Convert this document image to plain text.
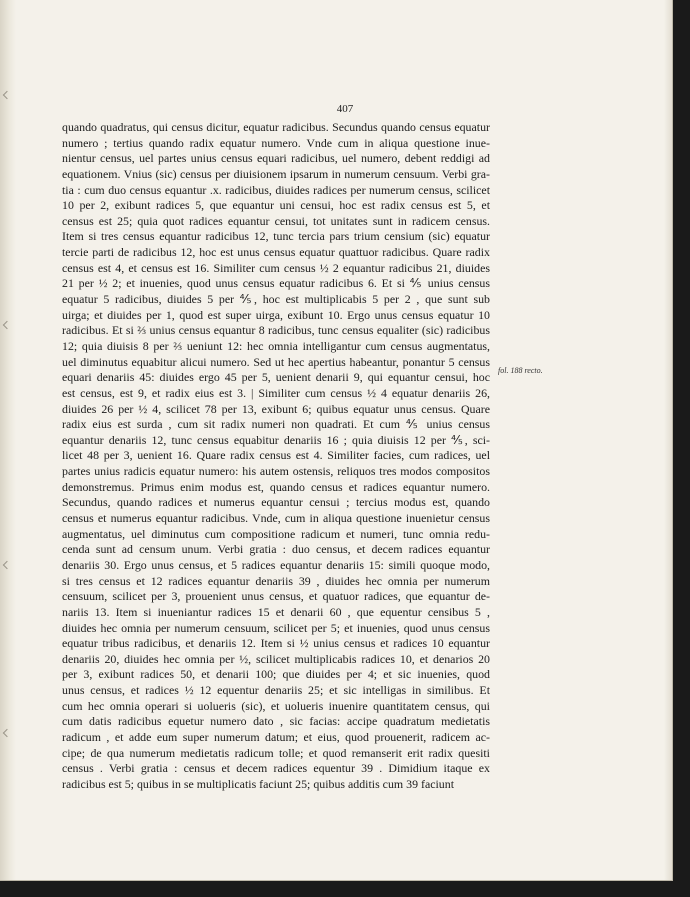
407
quando quadratus, qui census dicitur, equatur radicibus. Secundus quando census equatur
numero ; tertius quando radix equatur numero. Vnde cum in aliqua questione inue-
nientur census, uel partes unius census equari radicibus, uel numero, debent reddigi ad
equationem. Vnius (sic) census per diuisionem ipsarum in numerum censuum. Verbi gra-
tia : cum duo census equantur .x. radicibus, diuides radices per numerum census, scilicet
10 per 2, exibunt radices 5, que equantur uni censui, hoc est radix census est 5, et
census est 25; quia quot radices equantur censui, tot unitates sunt in radicem census.
Item si tres census equantur radicibus 12, tunc tercia pars trium censium (sic) equatur
tercie parti de radicibus 12, hoc est unus census equatur quattuor radicibus. Quare radix
census est 4, et census est 16. Similiter cum census ½ 2 equantur radicibus 21, diuides
21 per ½ 2; et inuenies, quod unus census equatur radicibus 6. Et si ⅘ unius census
equatur 5 radicibus, diuides 5 per ⅘, hoc est multiplicabis 5 per 2 , que sunt sub
uirga; et diuides per 1, quod est super uirga, exibunt 10. Ergo unus census equatur 10
radicibus. Et si ⅔ unius census equantur 8 radicibus, tunc census equaliter (sic) radicibus
12; quia diuisis 8 per ⅔ ueniunt 12: hec omnia intelligantur cum census augmentatus,
uel diminutus equabitur alicui numero. Sed ut hec apertius habeantur, ponantur 5 census
equari denariis 45: diuides ergo 45 per 5, uenient denarii 9, qui equantur censui, hoc
est census, est 9, et radix eius est 3. | Similiter cum census ½ 4 equatur denariis 26,
diuides 26 per ½ 4, scilicet 78 per 13, exibunt 6; quibus equatur unus census. Quare
radix eius est surda , cum sit radix numeri non quadrati. Et cum ⅘ unius census
equantur denariis 12, tunc census equabitur denariis 16 ; quia diuisis 12 per ⅘, sci-
licet 48 per 3, uenient 16. Quare radix census est 4. Similiter facies, cum radices, uel
partes unius radicis equatur numero: his autem ostensis, reliquos tres modos compositos
demonstremus. Primus enim modus est, quando census et radices equantur numero.
Secundus, quando radices et numerus equantur censui ; tercius modus est, quando
census et numerus equantur radicibus. Vnde, cum in aliqua questione inuenietur census
augmentatus, uel diminutus cum compositione radicum et numeri, tunc omnia redu-
cenda sunt ad censum unum. Verbi gratia : duo census, et decem radices equantur
denariis 30. Ergo unus census, et 5 radices equantur denariis 15: simili quoque modo,
si tres census et 12 radices equantur denariis 39 , diuides hec omnia per numerum
censuum, scilicet per 3, prouenient unus census, et quatuor radices, que equantur de-
nariis 13. Item si inueniantur radices 15 et denarii 60 , que equentur censibus 5 ,
diuides hec omnia per numerum censuum, scilicet per 5; et inuenies, quod unus census
equatur tribus radicibus, et denariis 12. Item si ½ unius census et radices 10 equantur
denariis 20, diuides hec omnia per ½, scilicet multiplicabis radices 10, et denarios 20
per 3, exibunt radices 50, et denarii 100; que diuides per 4; et sic inuenies, quod
unus census, et radices ½ 12 equentur denariis 25; et sic intelligas in similibus. Et
cum hec omnia operari si uolueris (sic), et uolueris inuenire quantitatem census, qui
cum datis radicibus equetur numero dato , sic facias: accipe quadratum medietatis
radicum , et adde eum super numerum datum; et eius, quod prouenerit, radicem ac-
cipe; de qua numerum medietatis radicum tolle; et quod remanserit erit radix quesiti
census . Verbi gratia : census et decem radices equentur 39 . Dimidium itaque ex
radicibus est 5; quibus in se multiplicatis faciunt 25; quibus additis cum 39 faciunt
fol. 188 recto.
